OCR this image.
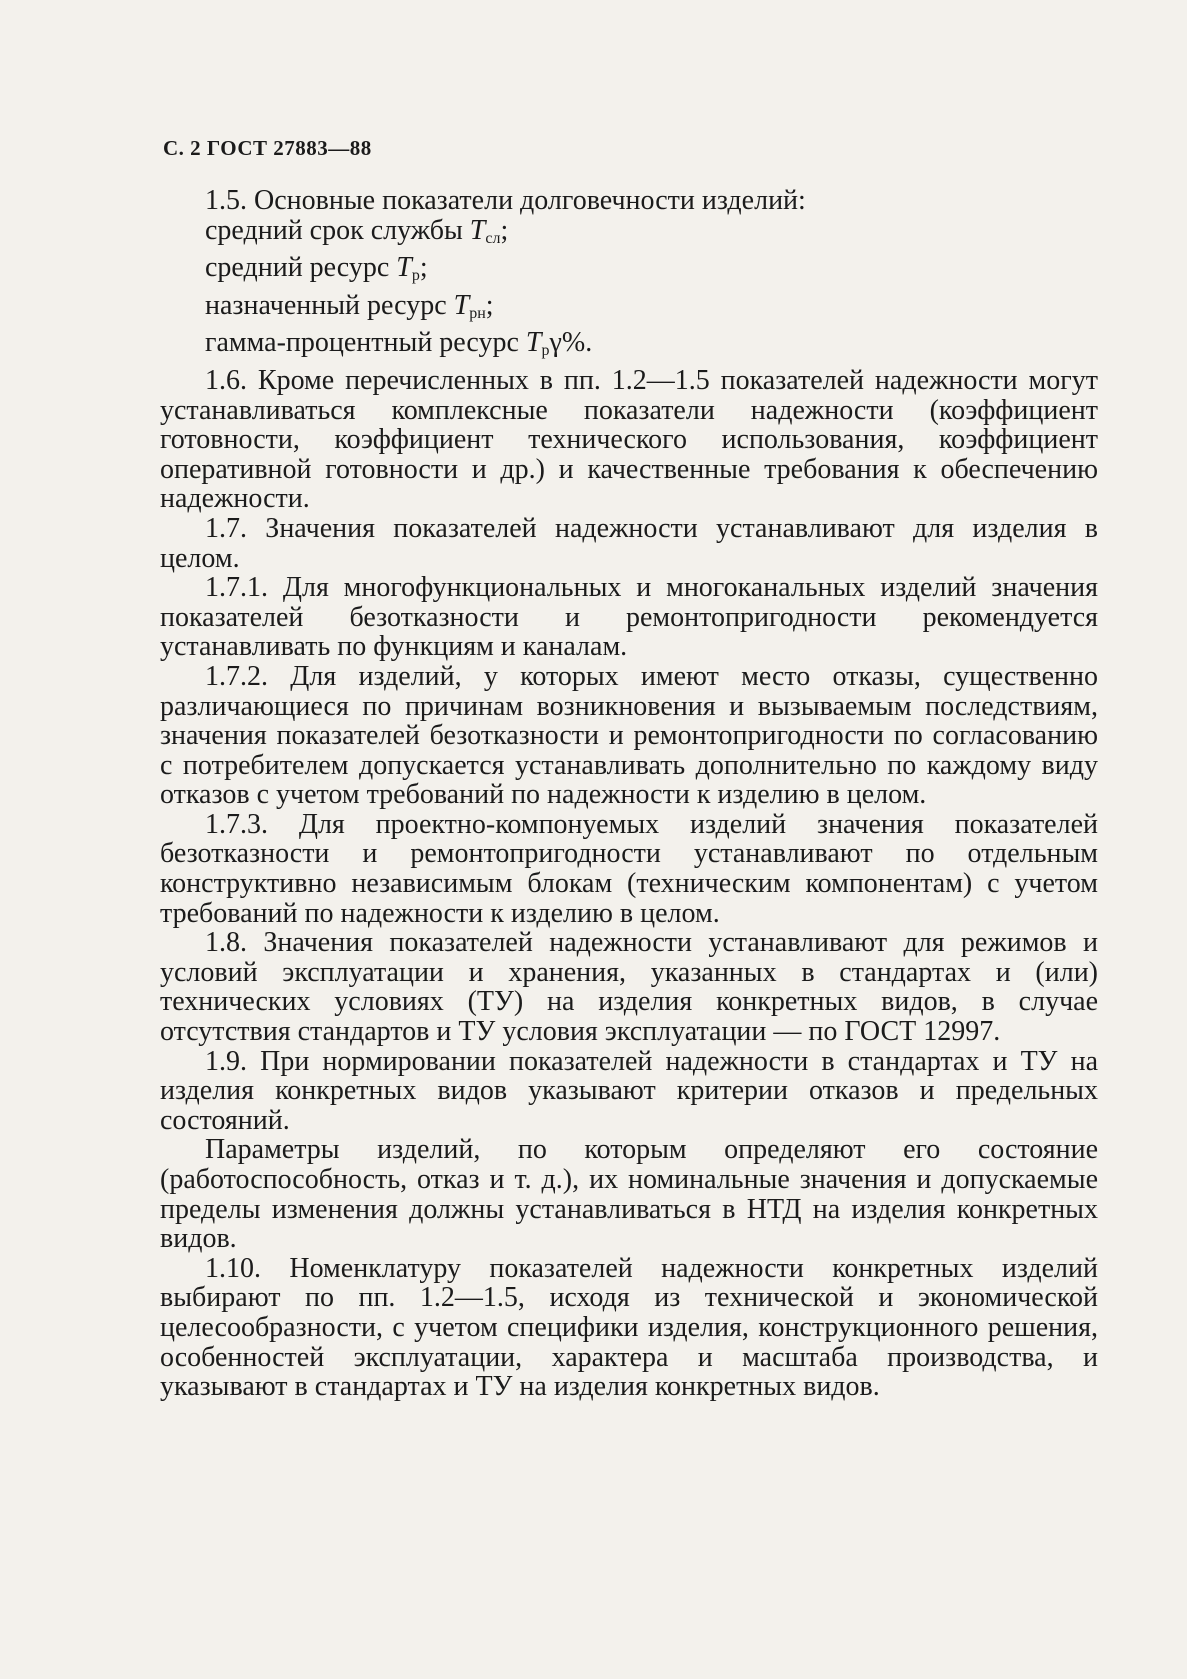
С. 2 ГОСТ 27883—88

1.5. Основные показатели долговечности изделий:

средний срок службы $T_{сл}$;

средний ресурс $T_р$;

назначенный ресурс $T_{рн}$;

гамма-процентный ресурс $T_р\gamma\%$.

1.6. Кроме перечисленных в пп. 1.2—1.5 показателей надежности могут устанавливаться комплексные показатели надежности (коэффициент готовности, коэффициент технического использования, коэффициент оперативной готовности и др.) и качественные требования к обеспечению надежности.

1.7. Значения показателей надежности устанавливают для изделия в целом.

1.7.1. Для многофункциональных и многоканальных изделий значения показателей безотказности и ремонтопригодности рекомендуется устанавливать по функциям и каналам.

1.7.2. Для изделий, у которых имеют место отказы, существенно различающиеся по причинам возникновения и вызываемым последствиям, значения показателей безотказности и ремонтопригодности по согласованию с потребителем допускается устанавливать дополнительно по каждому виду отказов с учетом требований по надежности к изделию в целом.

1.7.3. Для проектно-компонуемых изделий значения показателей безотказности и ремонтопригодности устанавливают по отдельным конструктивно независимым блокам (техническим компонентам) с учетом требований по надежности к изделию в целом.

1.8. Значения показателей надежности устанавливают для режимов и условий эксплуатации и хранения, указанных в стандартах и (или) технических условиях (ТУ) на изделия конкретных видов, в случае отсутствия стандартов и ТУ условия эксплуатации — по ГОСТ 12997.

1.9. При нормировании показателей надежности в стандартах и ТУ на изделия конкретных видов указывают критерии отказов и предельных состояний.

Параметры изделий, по которым определяют его состояние (работоспособность, отказ и т. д.), их номинальные значения и допускаемые пределы изменения должны устанавливаться в НТД на изделия конкретных видов.

1.10. Номенклатуру показателей надежности конкретных изделий выбирают по пп. 1.2—1.5, исходя из технической и экономической целесообразности, с учетом специфики изделия, конструкционного решения, особенностей эксплуатации, характера и масштаба производства, и указывают в стандартах и ТУ на изделия конкретных видов.
